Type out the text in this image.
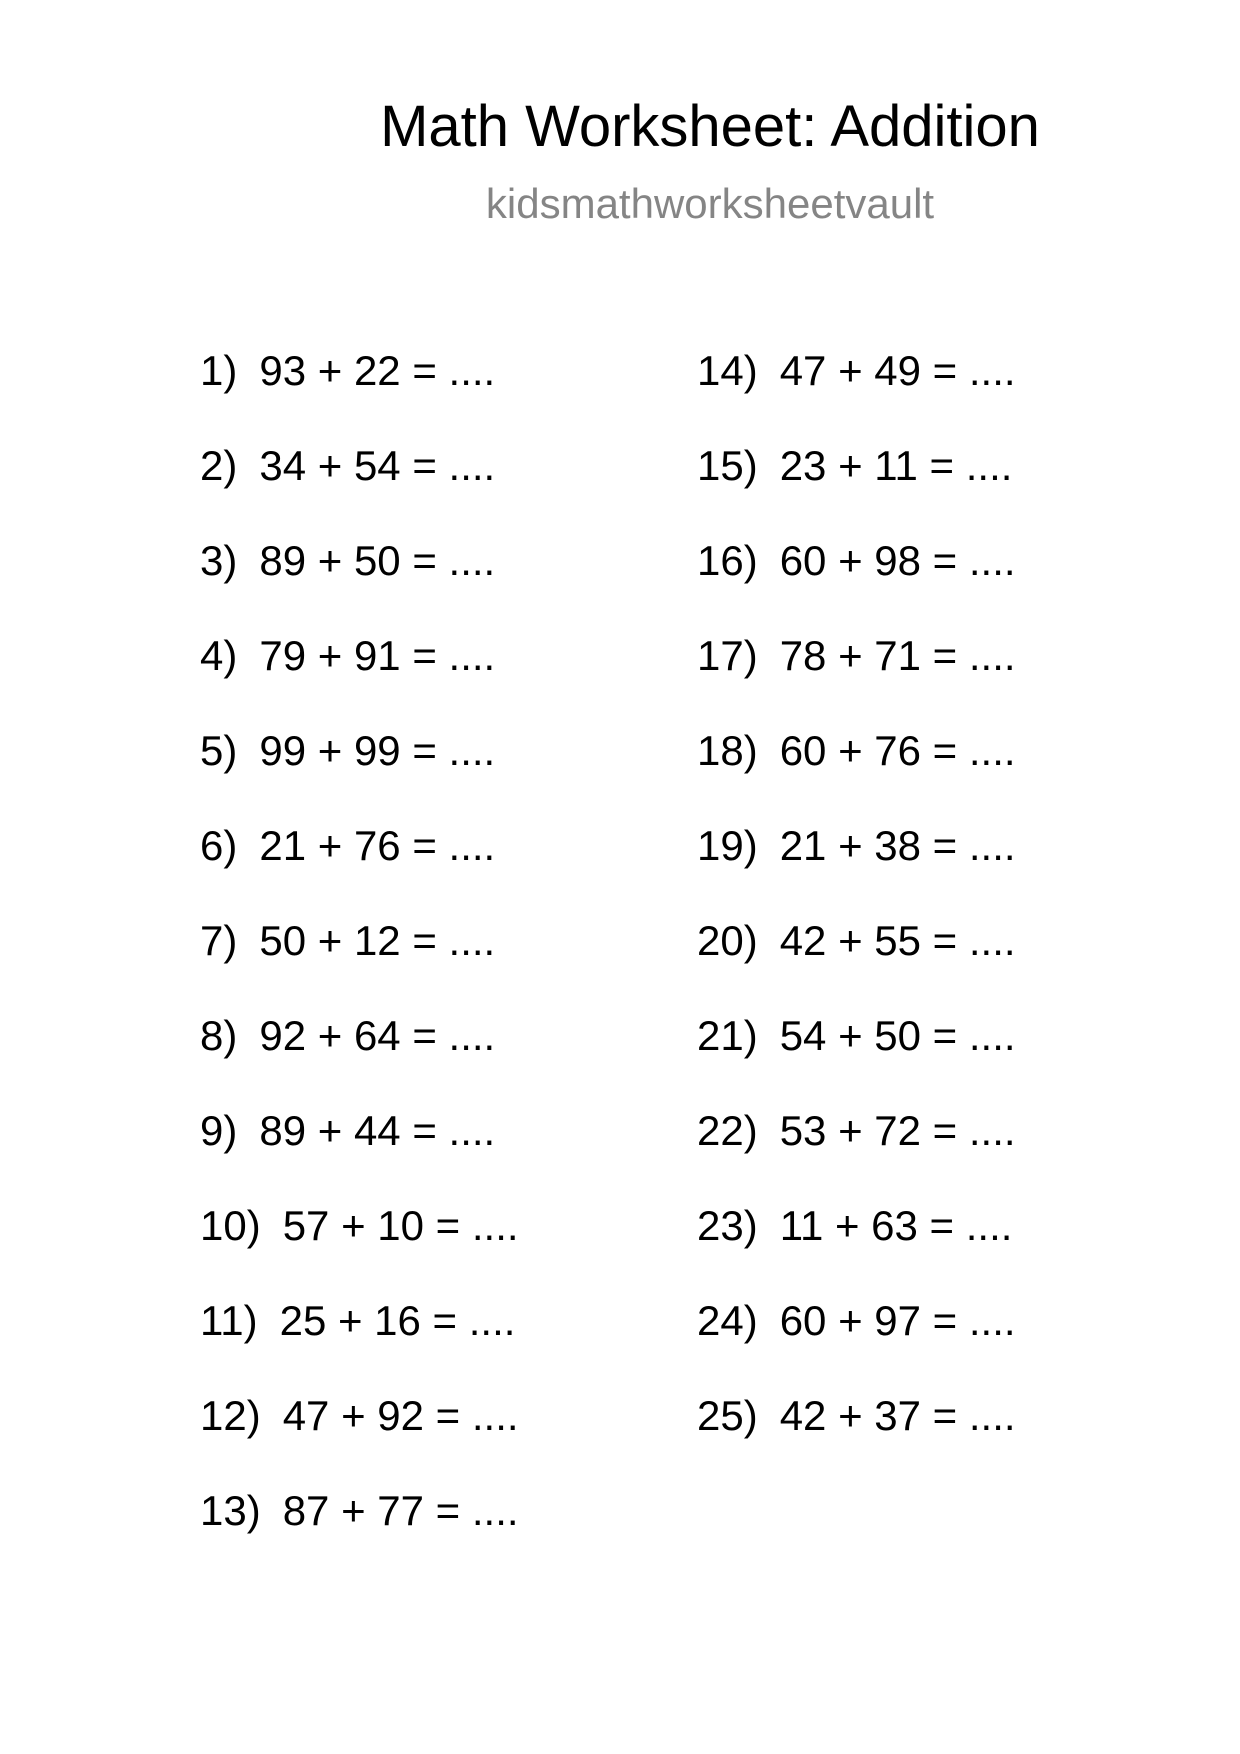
Math Worksheet: Addition
kidsmathworksheetvault
1) 93 + 22 = ....
2) 34 + 54 = ....
3) 89 + 50 = ....
4) 79 + 91 = ....
5) 99 + 99 = ....
6) 21 + 76 = ....
7) 50 + 12 = ....
8) 92 + 64 = ....
9) 89 + 44 = ....
10) 57 + 10 = ....
11) 25 + 16 = ....
12) 47 + 92 = ....
13) 87 + 77 = ....
14) 47 + 49 = ....
15) 23 + 11 = ....
16) 60 + 98 = ....
17) 78 + 71 = ....
18) 60 + 76 = ....
19) 21 + 38 = ....
20) 42 + 55 = ....
21) 54 + 50 = ....
22) 53 + 72 = ....
23) 11 + 63 = ....
24) 60 + 97 = ....
25) 42 + 37 = ....
